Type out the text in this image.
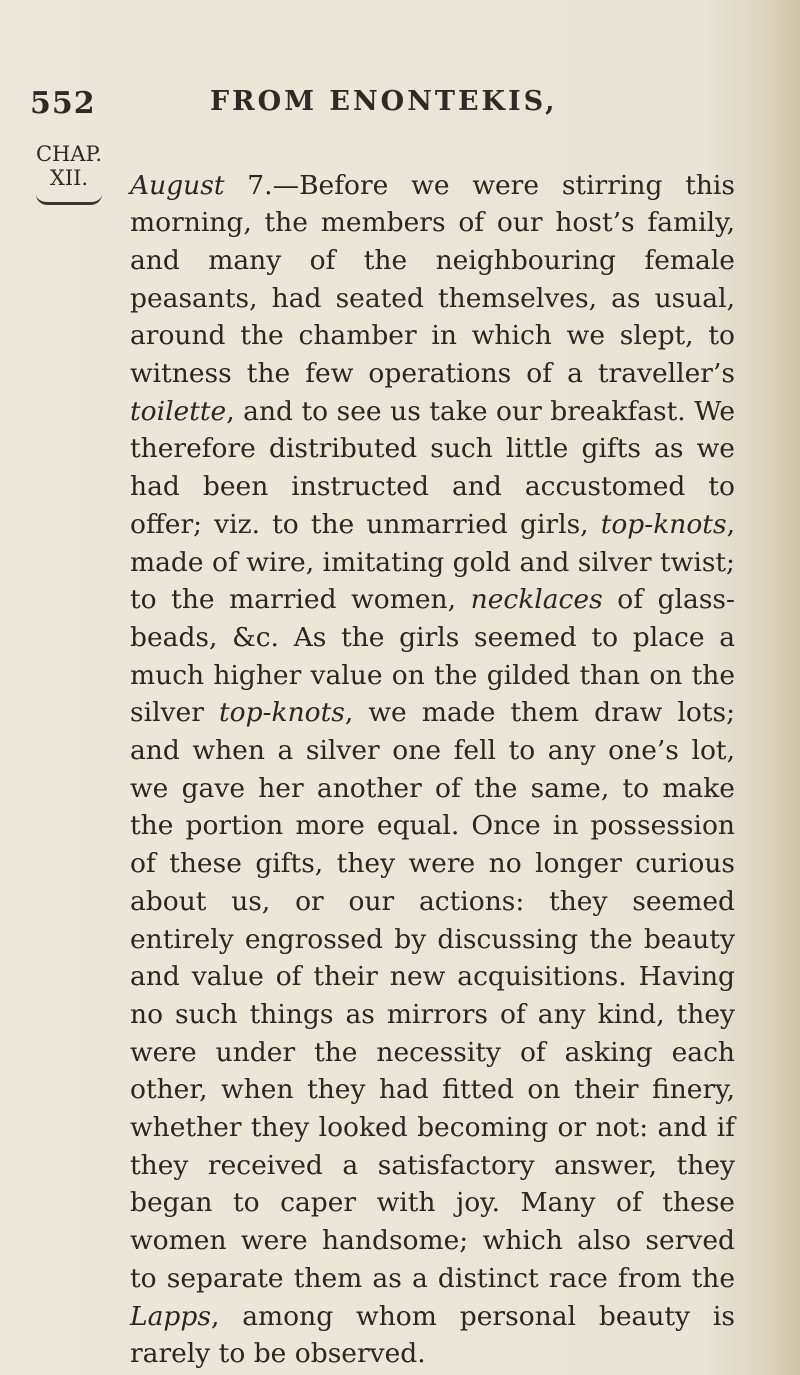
552	FROM ENONTEKIS,
CHAP.
XII.	August 7.—Before we were stirring this morning, the members of our host’s family, and many of the neighbouring female peasants, had seated themselves, as usual, around the chamber in which we slept, to witness the few operations of a traveller’s toilette, and to see us take our breakfast. We therefore distributed such little gifts as we had been instructed and accustomed to offer; viz. to the unmarried girls, top-knots, made of wire, imitating gold and silver twist; to the married women, necklaces of glass-beads, &c. As the girls seemed to place a much higher value on the gilded than on the silver top-knots, we made them draw lots; and when a silver one fell to any one’s lot, we gave her another of the same, to make the portion more equal. Once in possession of these gifts, they were no longer curious about us, or our actions: they seemed entirely engrossed by discussing the beauty and value of their new acquisitions. Having no such things as mirrors of any kind, they were under the necessity of asking each other, when they had fitted on their finery, whether they looked becoming or not: and if they received a satisfactory answer, they began to caper with joy. Many of these women were handsome; which also served to separate them as a distinct race from the Lapps, among whom personal beauty is rarely to be observed.
